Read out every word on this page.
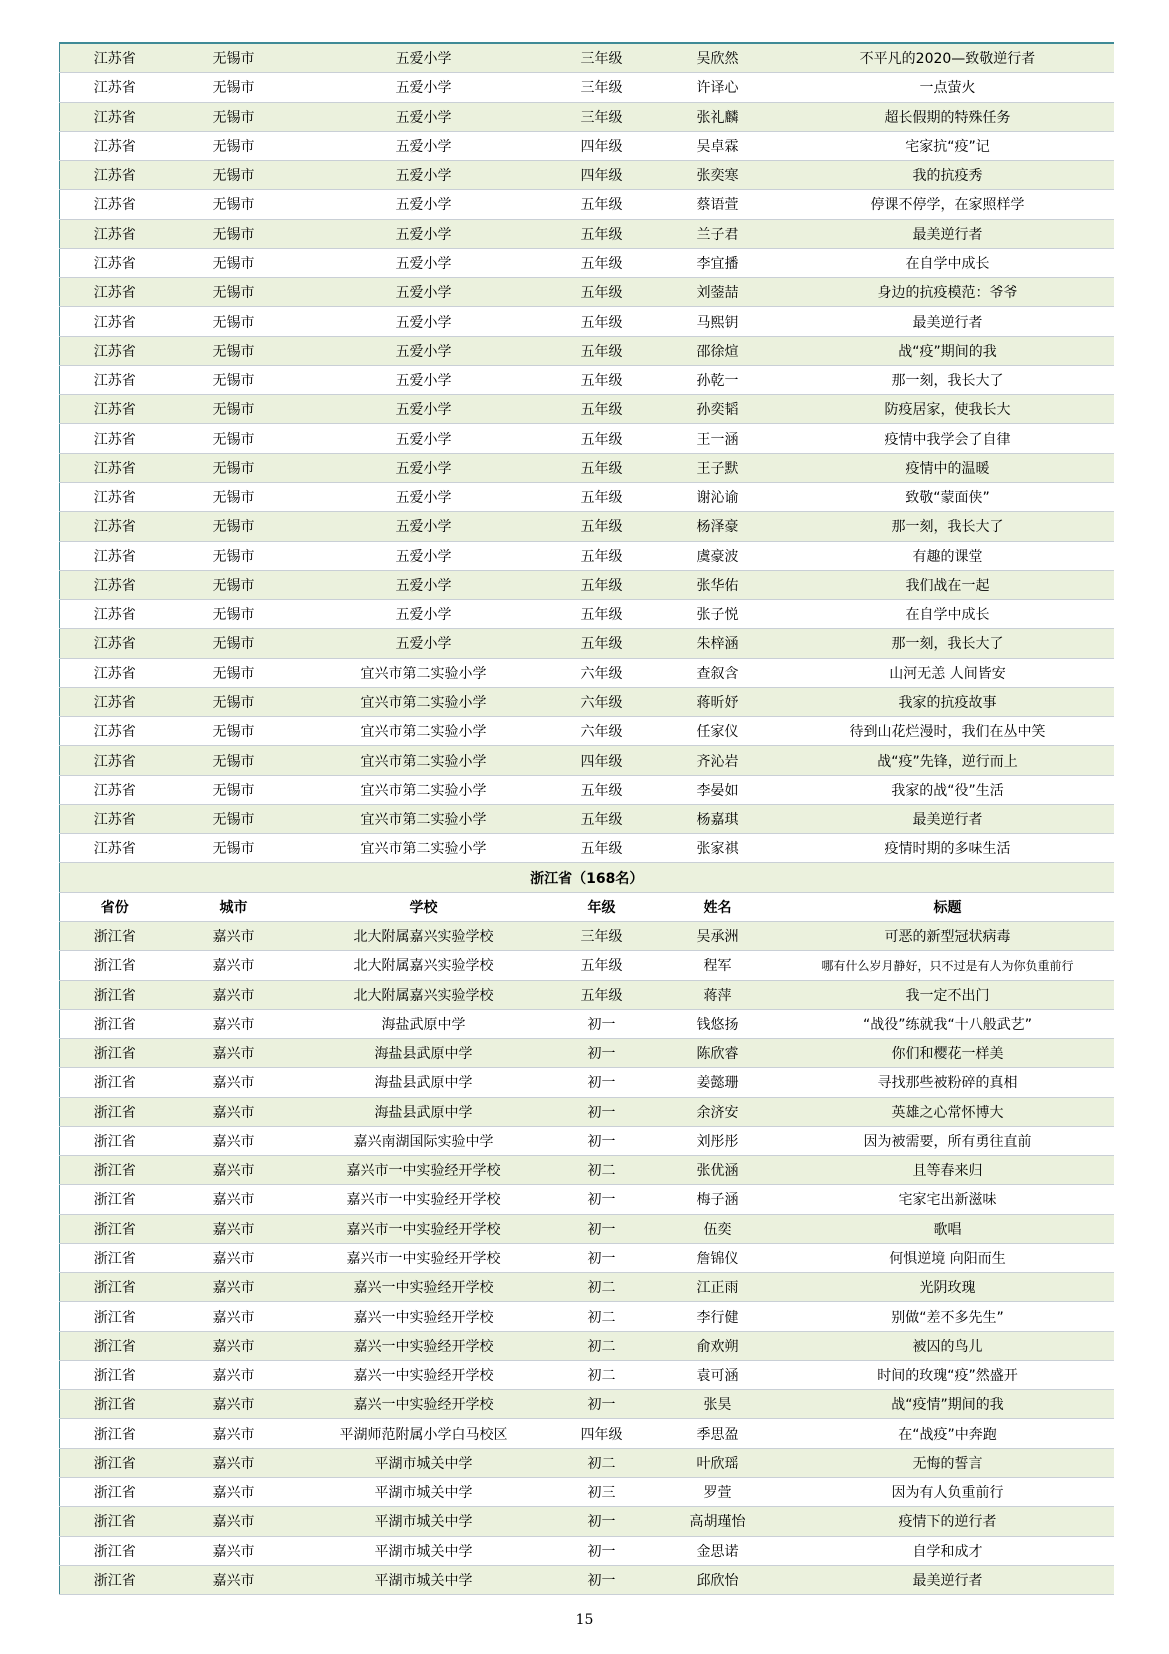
江苏省	无锡市	五爱小学	三年级	吴欣然	不平凡的2020—致敬逆行者
江苏省	无锡市	五爱小学	三年级	许译心	一点萤火
江苏省	无锡市	五爱小学	三年级	张礼麟	超长假期的特殊任务
江苏省	无锡市	五爱小学	四年级	吴卓霖	宅家抗“疫”记
江苏省	无锡市	五爱小学	四年级	张奕寒	我的抗疫秀
江苏省	无锡市	五爱小学	五年级	蔡语萱	停课不停学，在家照样学
江苏省	无锡市	五爱小学	五年级	兰子君	最美逆行者
江苏省	无锡市	五爱小学	五年级	李宜播	在自学中成长
江苏省	无锡市	五爱小学	五年级	刘蓥喆	身边的抗疫模范：爷爷
江苏省	无锡市	五爱小学	五年级	马熙钥	最美逆行者
江苏省	无锡市	五爱小学	五年级	邵徐煊	战“疫”期间的我
江苏省	无锡市	五爱小学	五年级	孙乾一	那一刻，我长大了
江苏省	无锡市	五爱小学	五年级	孙奕韬	防疫居家，使我长大
江苏省	无锡市	五爱小学	五年级	王一涵	疫情中我学会了自律
江苏省	无锡市	五爱小学	五年级	王子默	疫情中的温暖
江苏省	无锡市	五爱小学	五年级	谢沁谕	致敬“蒙面侠”
江苏省	无锡市	五爱小学	五年级	杨泽豪	那一刻，我长大了
江苏省	无锡市	五爱小学	五年级	虞豪波	有趣的课堂
江苏省	无锡市	五爱小学	五年级	张华佑	我们战在一起
江苏省	无锡市	五爱小学	五年级	张子悦	在自学中成长
江苏省	无锡市	五爱小学	五年级	朱梓涵	那一刻，我长大了
江苏省	无锡市	宜兴市第二实验小学	六年级	查叙含	山河无恙 人间皆安
江苏省	无锡市	宜兴市第二实验小学	六年级	蒋昕妤	我家的抗疫故事
江苏省	无锡市	宜兴市第二实验小学	六年级	任家仪	待到山花烂漫时，我们在丛中笑
江苏省	无锡市	宜兴市第二实验小学	四年级	齐沁岩	战“疫”先锋，逆行而上
江苏省	无锡市	宜兴市第二实验小学	五年级	李晏如	我家的战“役”生活
江苏省	无锡市	宜兴市第二实验小学	五年级	杨嘉琪	最美逆行者
江苏省	无锡市	宜兴市第二实验小学	五年级	张家祺	疫情时期的多味生活
浙江省（168名）					
省份	城市	学校	年级	姓名	标题
浙江省	嘉兴市	北大附属嘉兴实验学校	三年级	吴承洲	可恶的新型冠状病毒
浙江省	嘉兴市	北大附属嘉兴实验学校	五年级	程军	哪有什么岁月静好，只不过是有人为你负重前行
浙江省	嘉兴市	北大附属嘉兴实验学校	五年级	蒋萍	我一定不出门
浙江省	嘉兴市	海盐武原中学	初一	钱悠扬	“战役”练就我“十八般武艺”
浙江省	嘉兴市	海盐县武原中学	初一	陈欣睿	你们和樱花一样美
浙江省	嘉兴市	海盐县武原中学	初一	姜懿珊	寻找那些被粉碎的真相
浙江省	嘉兴市	海盐县武原中学	初一	余济安	英雄之心常怀博大
浙江省	嘉兴市	嘉兴南湖国际实验中学	初一	刘彤彤	因为被需要，所有勇往直前
浙江省	嘉兴市	嘉兴市一中实验经开学校	初二	张优涵	且等春来归
浙江省	嘉兴市	嘉兴市一中实验经开学校	初一	梅子涵	宅家宅出新滋味
浙江省	嘉兴市	嘉兴市一中实验经开学校	初一	伍奕	歌唱
浙江省	嘉兴市	嘉兴市一中实验经开学校	初一	詹锦仪	何惧逆境 向阳而生
浙江省	嘉兴市	嘉兴一中实验经开学校	初二	江正雨	光阴玫瑰
浙江省	嘉兴市	嘉兴一中实验经开学校	初二	李行健	别做“差不多先生”
浙江省	嘉兴市	嘉兴一中实验经开学校	初二	俞欢朔	被囚的鸟儿
浙江省	嘉兴市	嘉兴一中实验经开学校	初二	袁可涵	时间的玫瑰“疫”然盛开
浙江省	嘉兴市	嘉兴一中实验经开学校	初一	张昊	战“疫情”期间的我
浙江省	嘉兴市	平湖师范附属小学白马校区	四年级	季思盈	在“战疫”中奔跑
浙江省	嘉兴市	平湖市城关中学	初二	叶欣瑶	无悔的誓言
浙江省	嘉兴市	平湖市城关中学	初三	罗萱	因为有人负重前行
浙江省	嘉兴市	平湖市城关中学	初一	高胡瑾怡	疫情下的逆行者
浙江省	嘉兴市	平湖市城关中学	初一	金思诺	自学和成才
浙江省	嘉兴市	平湖市城关中学	初一	邱欣怡	最美逆行者
15
